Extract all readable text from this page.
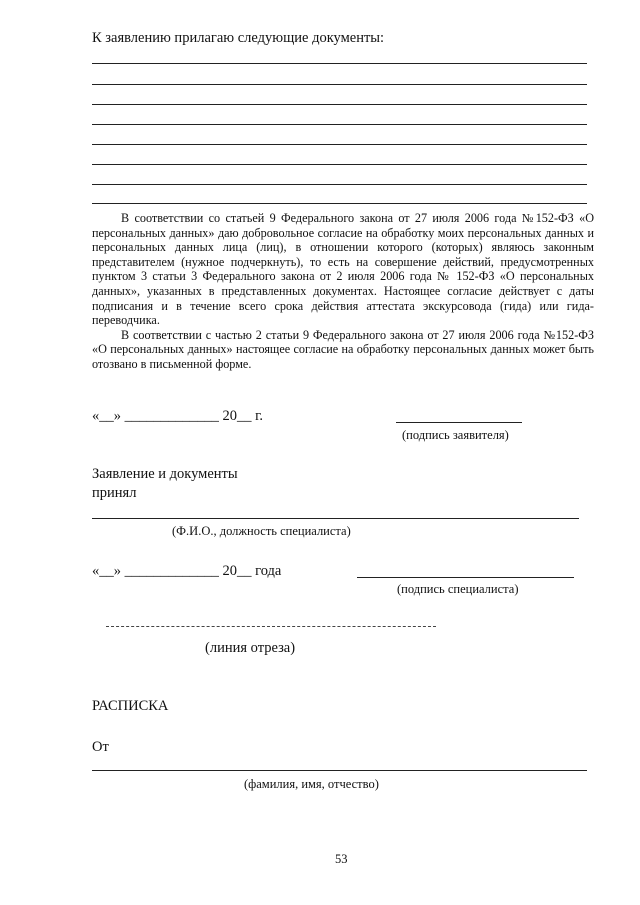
К заявлению прилагаю следующие документы:

В соответствии со статьей 9 Федерального закона от 27 июля 2006 года №152-ФЗ «О персональных данных» даю добровольное согласие на обработку моих персональных данных и персональных данных лица (лиц), в отношении которого (которых) являюсь законным представителем (нужное подчеркнуть), то есть на совершение действий, предусмотренных пунктом 3 статьи 3 Федерального закона от 2 июля 2006 года № 152-ФЗ «О персональных данных», указанных в представленных документах. Настоящее согласие действует с даты подписания и в течение всего срока действия аттестата экскурсовода (гида) или гида-переводчика.

В соответствии с частью 2 статьи 9 Федерального закона от 27 июля 2006 года №152-ФЗ «О персональных данных» настоящее согласие на обработку персональных данных может быть отозвано в письменной форме.

«__» _____________ 20__ г.
(подпись заявителя)
Заявление и документы
принял
(Ф.И.О., должность специалиста)
«__» _____________ 20__ года
(подпись специалиста)
(линия отреза)
РАСПИСКА
От
(фамилия, имя, отчество)
53
